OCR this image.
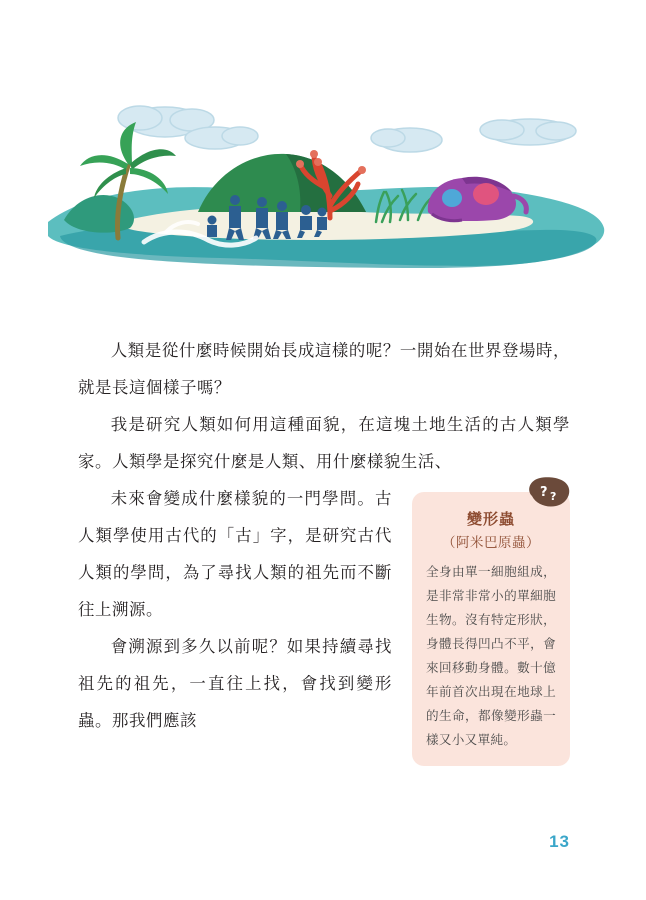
人類是從什麼時候開始長成這樣的呢？一開始在世界登場時，就是長這個樣子嗎？

我是研究人類如何用這種面貌，在這塊土地生活的古人類學家。人類學是探究什麼是人類、用什麼樣貌生活、

未來會變成什麼樣貌的一門學問。古人類學使用古代的「古」字，是研究古代人類的學問，為了尋找人類的祖先而不斷往上溯源。

會溯源到多久以前呢？如果持續尋找祖先的祖先，一直往上找，會找到變形蟲。那我們應該

? ?
變形蟲
（阿米巴原蟲）
全身由單一細胞組成，是非常非常小的單細胞生物。沒有特定形狀，身體長得凹凸不平，會來回移動身體。數十億年前首次出現在地球上的生命，都像變形蟲一樣又小又單純。
13
